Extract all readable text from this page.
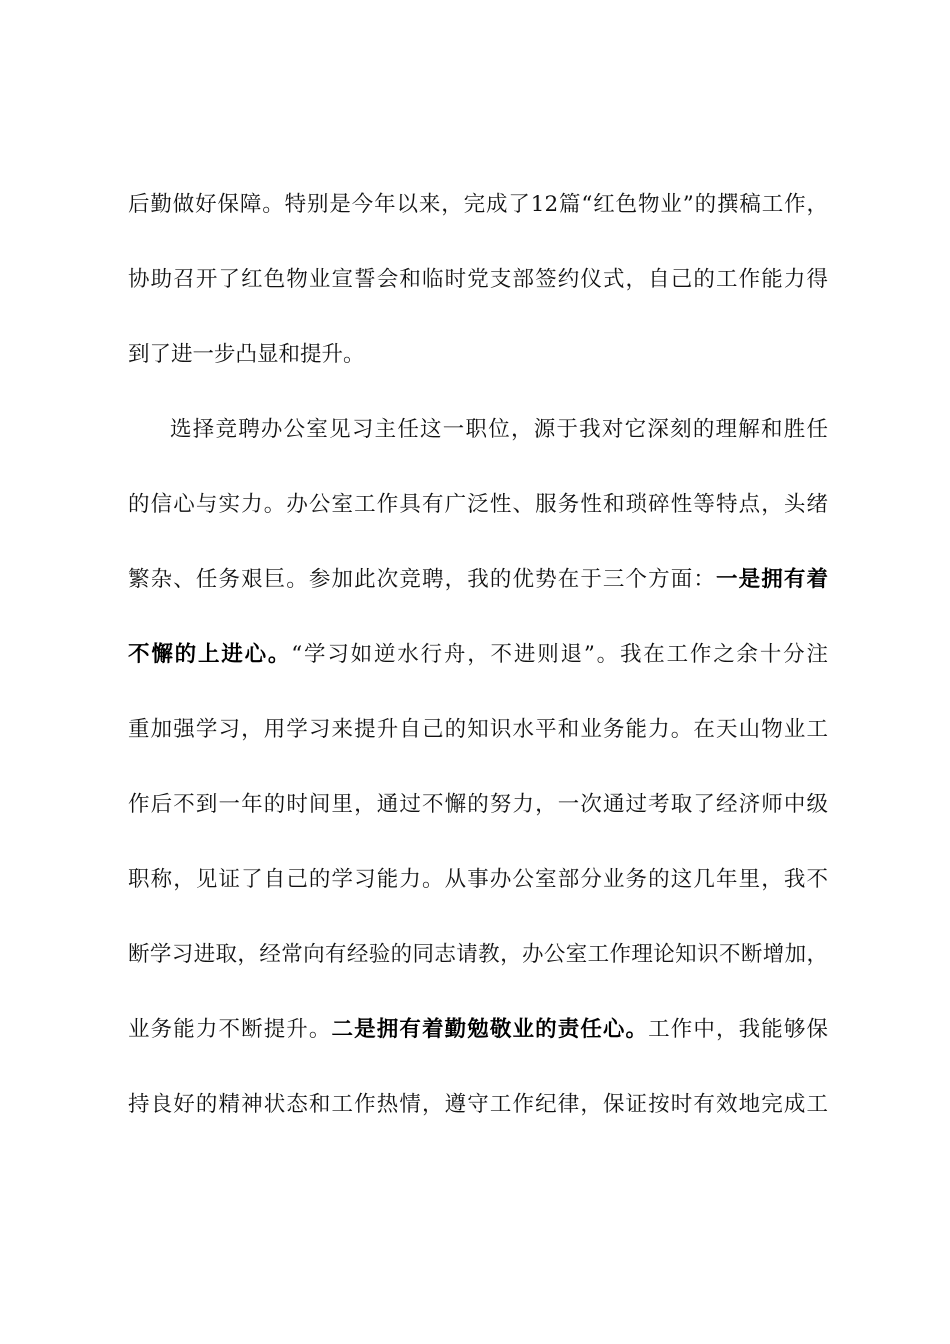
后勤做好保障。特别是今年以来，完成了12篇“红色物业”的撰稿工作，
协助召开了红色物业宣誓会和临时党支部签约仪式，自己的工作能力得
到了进一步凸显和提升。
选择竞聘办公室见习主任这一职位，源于我对它深刻的理解和胜任
的信心与实力。办公室工作具有广泛性、服务性和琐碎性等特点，头绪
繁杂、任务艰巨。参加此次竞聘，我的优势在于三个方面：一是拥有着
不懈的上进心。“学习如逆水行舟，不进则退”。我在工作之余十分注
重加强学习，用学习来提升自己的知识水平和业务能力。在天山物业工
作后不到一年的时间里，通过不懈的努力，一次通过考取了经济师中级
职称，见证了自己的学习能力。从事办公室部分业务的这几年里，我不
断学习进取，经常向有经验的同志请教，办公室工作理论知识不断增加，
业务能力不断提升。二是拥有着勤勉敬业的责任心。工作中，我能够保
持良好的精神状态和工作热情，遵守工作纪律，保证按时有效地完成工
